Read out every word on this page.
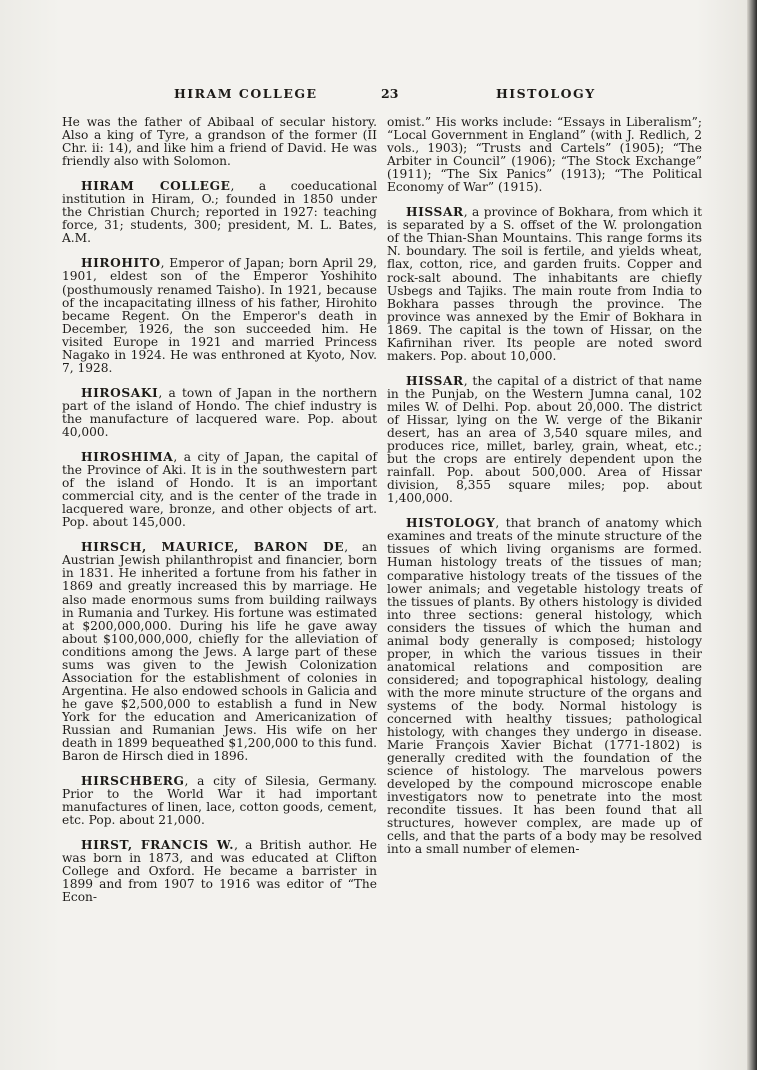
HIRAM COLLEGE	23	HISTOLOGY

He was the father of Abibaal of secular history. Also a king of Tyre, a grandson of the former (II Chr. ii: 14), and like him a friend of David. He was friendly also with Solomon.

HIRAM COLLEGE, a coeducational institution in Hiram, O.; founded in 1850 under the Christian Church; reported in 1927: teaching force, 31; students, 300; president, M. L. Bates, A.M.

HIROHITO, Emperor of Japan; born April 29, 1901, eldest son of the Emperor Yoshihito (posthumously renamed Taisho). In 1921, because of the incapacitating illness of his father, Hirohito became Regent. On the Emperor's death in December, 1926, the son succeeded him. He visited Europe in 1921 and married Princess Nagako in 1924. He was enthroned at Kyoto, Nov. 7, 1928.

HIROSAKI, a town of Japan in the northern part of the island of Hondo. The chief industry is the manufacture of lacquered ware. Pop. about 40,000.

HIROSHIMA, a city of Japan, the capital of the Province of Aki. It is in the southwestern part of the island of Hondo. It is an important commercial city, and is the center of the trade in lacquered ware, bronze, and other objects of art. Pop. about 145,000.

HIRSCH, MAURICE, BARON DE, an Austrian Jewish philanthropist and financier, born in 1831. He inherited a fortune from his father in 1869 and greatly increased this by marriage. He also made enormous sums from building railways in Rumania and Turkey. His fortune was estimated at $200,000,000. During his life he gave away about $100,000,000, chiefly for the alleviation of conditions among the Jews. A large part of these sums was given to the Jewish Colonization Association for the establishment of colonies in Argentina. He also endowed schools in Galicia and he gave $2,500,000 to establish a fund in New York for the education and Americanization of Russian and Rumanian Jews. His wife on her death in 1899 bequeathed $1,200,000 to this fund. Baron de Hirsch died in 1896.

HIRSCHBERG, a city of Silesia, Germany. Prior to the World War it had important manufactures of linen, lace, cotton goods, cement, etc. Pop. about 21,000.

HIRST, FRANCIS W., a British author. He was born in 1873, and was educated at Clifton College and Oxford. He became a barrister in 1899 and from 1907 to 1916 was editor of “The Econ-

omist.” His works include: “Essays in Liberalism”; “Local Government in England” (with J. Redlich, 2 vols., 1903); “Trusts and Cartels” (1905); “The Arbiter in Council” (1906); “The Stock Exchange” (1911); “The Six Panics” (1913); “The Political Economy of War” (1915).

HISSAR, a province of Bokhara, from which it is separated by a S. offset of the W. prolongation of the Thian-Shan Mountains. This range forms its N. boundary. The soil is fertile, and yields wheat, flax, cotton, rice, and garden fruits. Copper and rock-salt abound. The inhabitants are chiefly Usbegs and Tajiks. The main route from India to Bokhara passes through the province. The province was annexed by the Emir of Bokhara in 1869. The capital is the town of Hissar, on the Kafirnihan river. Its people are noted sword makers. Pop. about 10,000.

HISSAR, the capital of a district of that name in the Punjab, on the Western Jumna canal, 102 miles W. of Delhi. Pop. about 20,000. The district of Hissar, lying on the W. verge of the Bikanir desert, has an area of 3,540 square miles, and produces rice, millet, barley, grain, wheat, etc.; but the crops are entirely dependent upon the rainfall. Pop. about 500,000. Area of Hissar division, 8,355 square miles; pop. about 1,400,000.

HISTOLOGY, that branch of anatomy which examines and treats of the minute structure of the tissues of which living organisms are formed. Human histology treats of the tissues of man; comparative histology treats of the tissues of the lower animals; and vegetable histology treats of the tissues of plants. By others histology is divided into three sections: general histology, which considers the tissues of which the human and animal body generally is composed; histology proper, in which the various tissues in their anatomical relations and composition are considered; and topographical histology, dealing with the more minute structure of the organs and systems of the body. Normal histology is concerned with healthy tissues; pathological histology, with changes they undergo in disease. Marie François Xavier Bichat (1771-1802) is generally credited with the foundation of the science of histology. The marvelous powers developed by the compound microscope enable investigators now to penetrate into the most recondite tissues. It has been found that all structures, however complex, are made up of cells, and that the parts of a body may be resolved into a small number of elemen-
